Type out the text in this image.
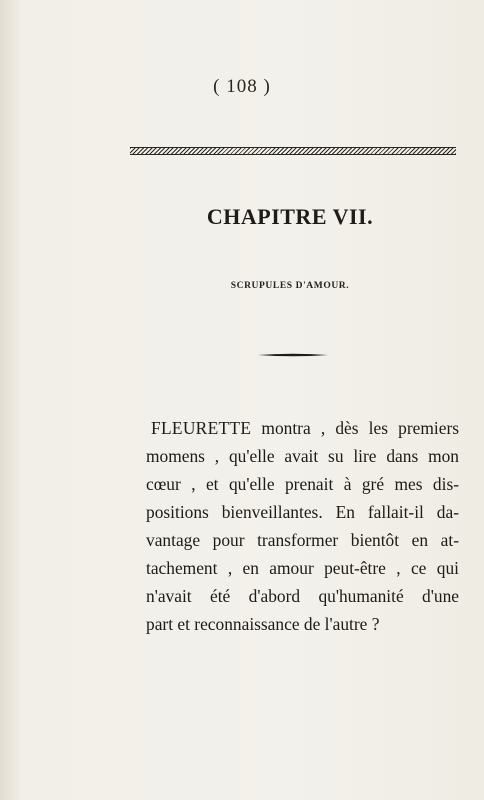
( 108 )
CHAPITRE VII.
SCRUPULES D'AMOUR.
FLEURETTE montra , dès les premiers
momens , qu'elle avait su lire dans mon
cœur , et qu'elle prenait à gré mes dis-
positions bienveillantes. En fallait-il da-
vantage pour transformer bientôt en at-
tachement , en amour peut-être , ce qui
n'avait été d'abord qu'humanité d'une
part et reconnaissance de l'autre ?
